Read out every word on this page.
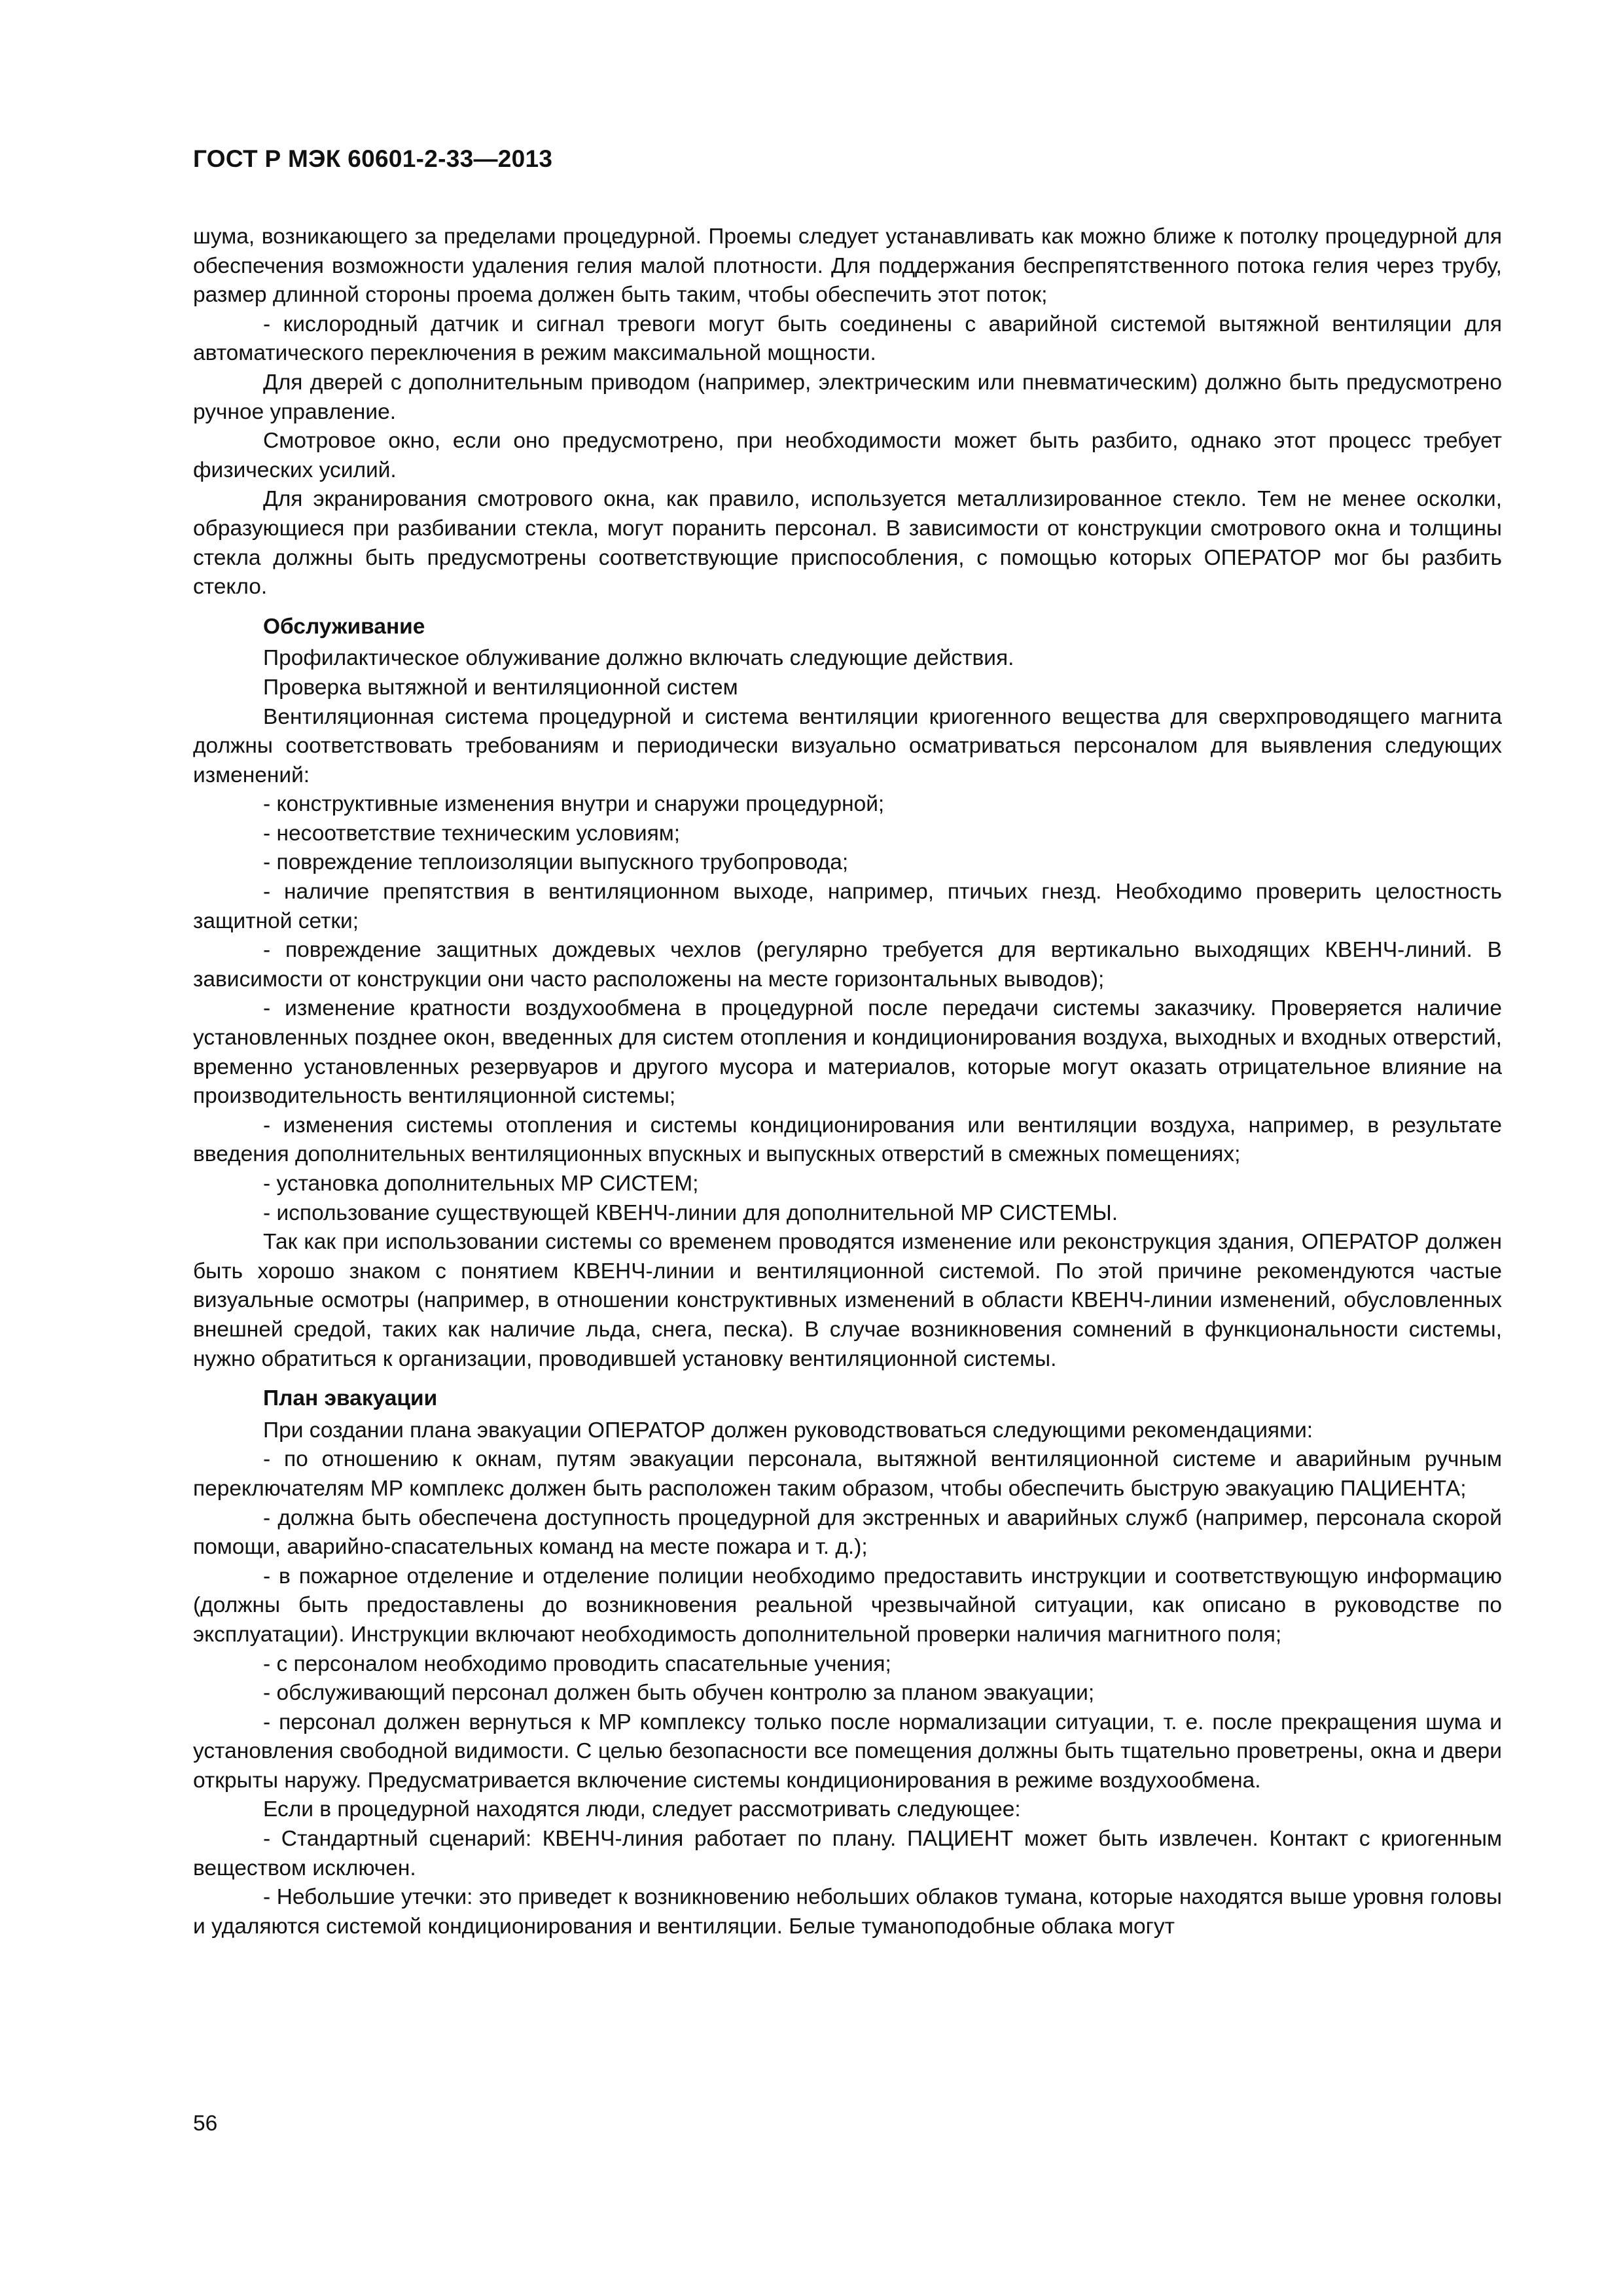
ГОСТ Р МЭК 60601-2-33—2013

шума, возникающего за пределами процедурной. Проемы следует устанавливать как можно ближе к потолку процедурной для обеспечения возможности удаления гелия малой плотности. Для поддержания беспрепятственного потока гелия через трубу, размер длинной стороны проема должен быть таким, чтобы обеспечить этот поток;

- кислородный датчик и сигнал тревоги могут быть соединены с аварийной системой вытяжной вентиляции для автоматического переключения в режим максимальной мощности.

Для дверей с дополнительным приводом (например, электрическим или пневматическим) должно быть предусмотрено ручное управление.

Смотровое окно, если оно предусмотрено, при необходимости может быть разбито, однако этот процесс требует физических усилий.

Для экранирования смотрового окна, как правило, используется металлизированное стекло. Тем не менее осколки, образующиеся при разбивании стекла, могут поранить персонал. В зависимости от конструкции смотрового окна и толщины стекла должны быть предусмотрены соответствующие приспособления, с помощью которых ОПЕРАТОР мог бы разбить стекло.

Обслуживание

Профилактическое облуживание должно включать следующие действия.

Проверка вытяжной и вентиляционной систем

Вентиляционная система процедурной и система вентиляции криогенного вещества для сверхпроводящего магнита должны соответствовать требованиям и периодически визуально осматриваться персоналом для выявления следующих изменений:

- конструктивные изменения внутри и снаружи процедурной;

- несоответствие техническим условиям;

- повреждение теплоизоляции выпускного трубопровода;

- наличие препятствия в вентиляционном выходе, например, птичьих гнезд. Необходимо проверить целостность защитной сетки;

- повреждение защитных дождевых чехлов (регулярно требуется для вертикально выходящих КВЕНЧ-линий. В зависимости от конструкции они часто расположены на месте горизонтальных выводов);

- изменение кратности воздухообмена в процедурной после передачи системы заказчику. Проверяется наличие установленных позднее окон, введенных для систем отопления и кондиционирования воздуха, выходных и входных отверстий, временно установленных резервуаров и другого мусора и материалов, которые могут оказать отрицательное влияние на производительность вентиляционной системы;

- изменения системы отопления и системы кондиционирования или вентиляции воздуха, например, в результате введения дополнительных вентиляционных впускных и выпускных отверстий в смежных помещениях;

- установка дополнительных МР СИСТЕМ;

- использование существующей КВЕНЧ-линии для дополнительной МР СИСТЕМЫ.

Так как при использовании системы со временем проводятся изменение или реконструкция здания, ОПЕРАТОР должен быть хорошо знаком с понятием КВЕНЧ-линии и вентиляционной системой. По этой причине рекомендуются частые визуальные осмотры (например, в отношении конструктивных изменений в области КВЕНЧ-линии изменений, обусловленных внешней средой, таких как наличие льда, снега, песка). В случае возникновения сомнений в функциональности системы, нужно обратиться к организации, проводившей установку вентиляционной системы.

План эвакуации

При создании плана эвакуации ОПЕРАТОР должен руководствоваться следующими рекомендациями:

- по отношению к окнам, путям эвакуации персонала, вытяжной вентиляционной системе и аварийным ручным переключателям МР комплекс должен быть расположен таким образом, чтобы обеспечить быструю эвакуацию ПАЦИЕНТА;

- должна быть обеспечена доступность процедурной для экстренных и аварийных служб (например, персонала скорой помощи, аварийно-спасательных команд на месте пожара и т. д.);

- в пожарное отделение и отделение полиции необходимо предоставить инструкции и соответствующую информацию (должны быть предоставлены до возникновения реальной чрезвычайной ситуации, как описано в руководстве по эксплуатации). Инструкции включают необходимость дополнительной проверки наличия магнитного поля;

- с персоналом необходимо проводить спасательные учения;

- обслуживающий персонал должен быть обучен контролю за планом эвакуации;

- персонал должен вернуться к МР комплексу только после нормализации ситуации, т. е. после прекращения шума и установления свободной видимости. С целью безопасности все помещения должны быть тщательно проветрены, окна и двери открыты наружу. Предусматривается включение системы кондиционирования в режиме воздухообмена.

Если в процедурной находятся люди, следует рассмотривать следующее:

- Стандартный сценарий: КВЕНЧ-линия работает по плану. ПАЦИЕНТ может быть извлечен. Контакт с криогенным веществом исключен.

- Небольшие утечки: это приведет к возникновению небольших облаков тумана, которые находятся выше уровня головы и удаляются системой кондиционирования и вентиляции. Белые туманоподобные облака могут

56
